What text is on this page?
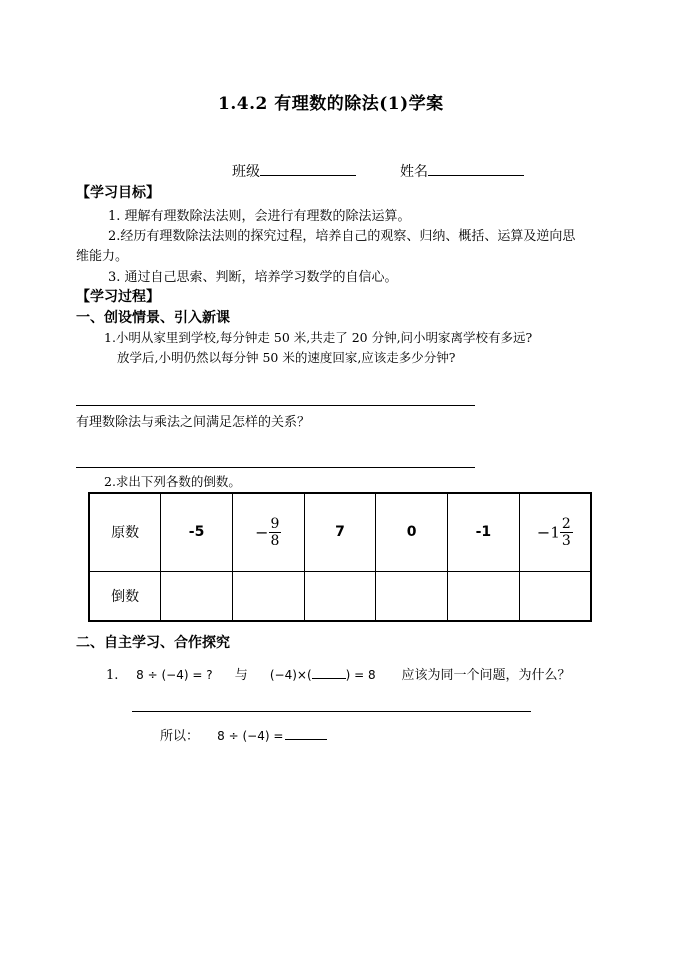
1.4.2 有理数的除法(1)学案
班级	姓名
【学习目标】
1. 理解有理数除法法则，会进行有理数的除法运算。
2.经历有理数除法法则的探究过程，培养自己的观察、归纳、概括、运算及逆向思
维能力。
3. 通过自己思索、判断，培养学习数学的自信心。
【学习过程】
一、创设情景、引入新课
1.小明从家里到学校,每分钟走 50 米,共走了 20 分钟,问小明家离学校有多远?
放学后,小明仍然以每分钟 50 米的速度回家,应该走多少分钟?
有理数除法与乘法之间满足怎样的关系？
2.求出下列各数的倒数。
原数	-5	− $\frac{9}{8}$	7	0	-1	$-1 \frac{2}{3}$

倒数						
二、自主学习、合作探究
1. 8 ÷ (−4) = ? 与 (−4)×(	) = 8 应该为同一个问题，为什么？
所以： 8 ÷ (−4) =
